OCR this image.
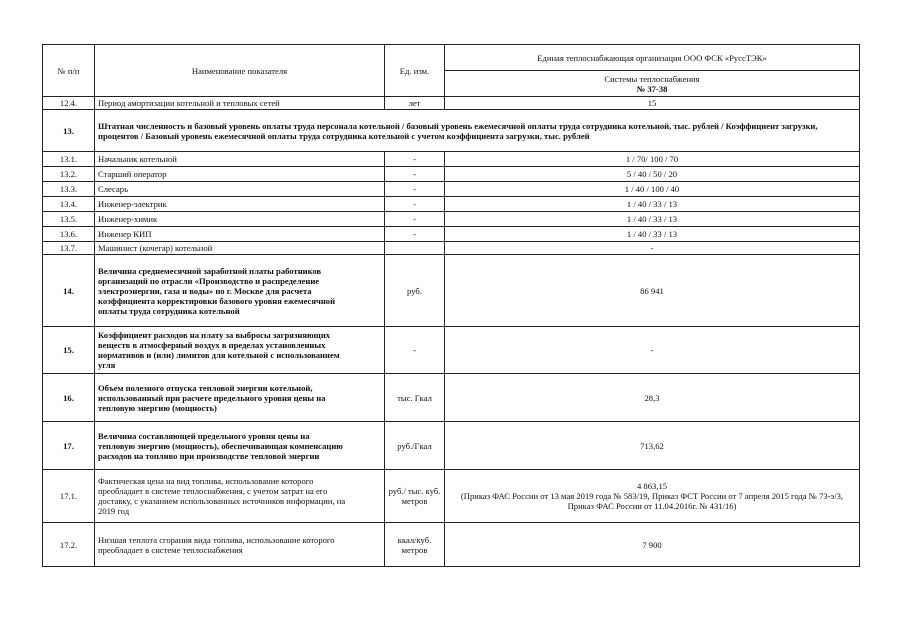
№ п/п	Наименование показателя	Ед. изм.	Единая теплоснабжающая организация ООО ФСК «РуссТЭК»

			Системы теплоснабжения
№ 37-38

12.4.	Период амортизации котельной и тепловых сетей	лет	15
13.	Штатная численность и базовый уровень оплаты труда персонала котельной / базовый уровень ежемесячной оплаты труда сотрудника котельной, тыс. рублей / Коэффициент загрузки, процентов / Базовый уровень ежемесячной оплаты труда сотрудника котельной с учетом коэффициента загрузки, тыс. рублей		
13.1.	Начальник котельной	-	1 / 70/ 100 / 70
13.2.	Старший оператор	-	5 / 40 / 50 / 20
13.3.	Слесарь	-	1 / 40 / 100 / 40
13.4.	Инженер-электрик	-	1 / 40 / 33 / 13
13.5.	Инженер-химик	-	1 / 40 / 33 / 13
13.6.	Инженер КИП	-	1 / 40 / 33 / 13
13.7.	Машинист (кочегар) котельной		-
14.	Величина среднемесячной заработной платы работников организаций по отрасли «Производство и распределение электроэнергии, газа и воды» по г. Москве для расчета коэффициента корректировки базового уровня ежемесячной оплаты труда сотрудника котельной	руб.	86 941
15.	Коэффициент расходов на плату за выбросы загрязняющих веществ в атмосферный воздух в пределах установленных нормативов и (или) лимитов для котельной с использованием угля	-	-
16.	Объем полезного отпуска тепловой энергии котельной, использованный при расчете предельного уровня цены на тепловую энергию (мощность)	тыс. Гкал	28,3
17.	Величина составляющей предельного уровня цены на тепловую энергию (мощность), обеспечивающая компенсацию расходов на топливо при производстве тепловой энергии	руб./Гкал	713,62
17.1.	Фактическая цена на вид топлива, использование которого преобладает в системе теплоснабжения, с учетом затрат на его доставку, с указанием использованных источников информации, на 2019 год	руб./ тыс. куб. метров	4 863,15
(Приказ ФАС России от 13 мая 2019 года № 583/19, Приказ ФСТ России от 7 апреля 2015 года № 73-э/3, Приказ ФАС России от 11.04.2016г. № 431/16)

17.2.	Низшая теплота сгорания вида топлива, использование которого преобладает в системе теплоснабжения	ккал/куб. метров	7 900
